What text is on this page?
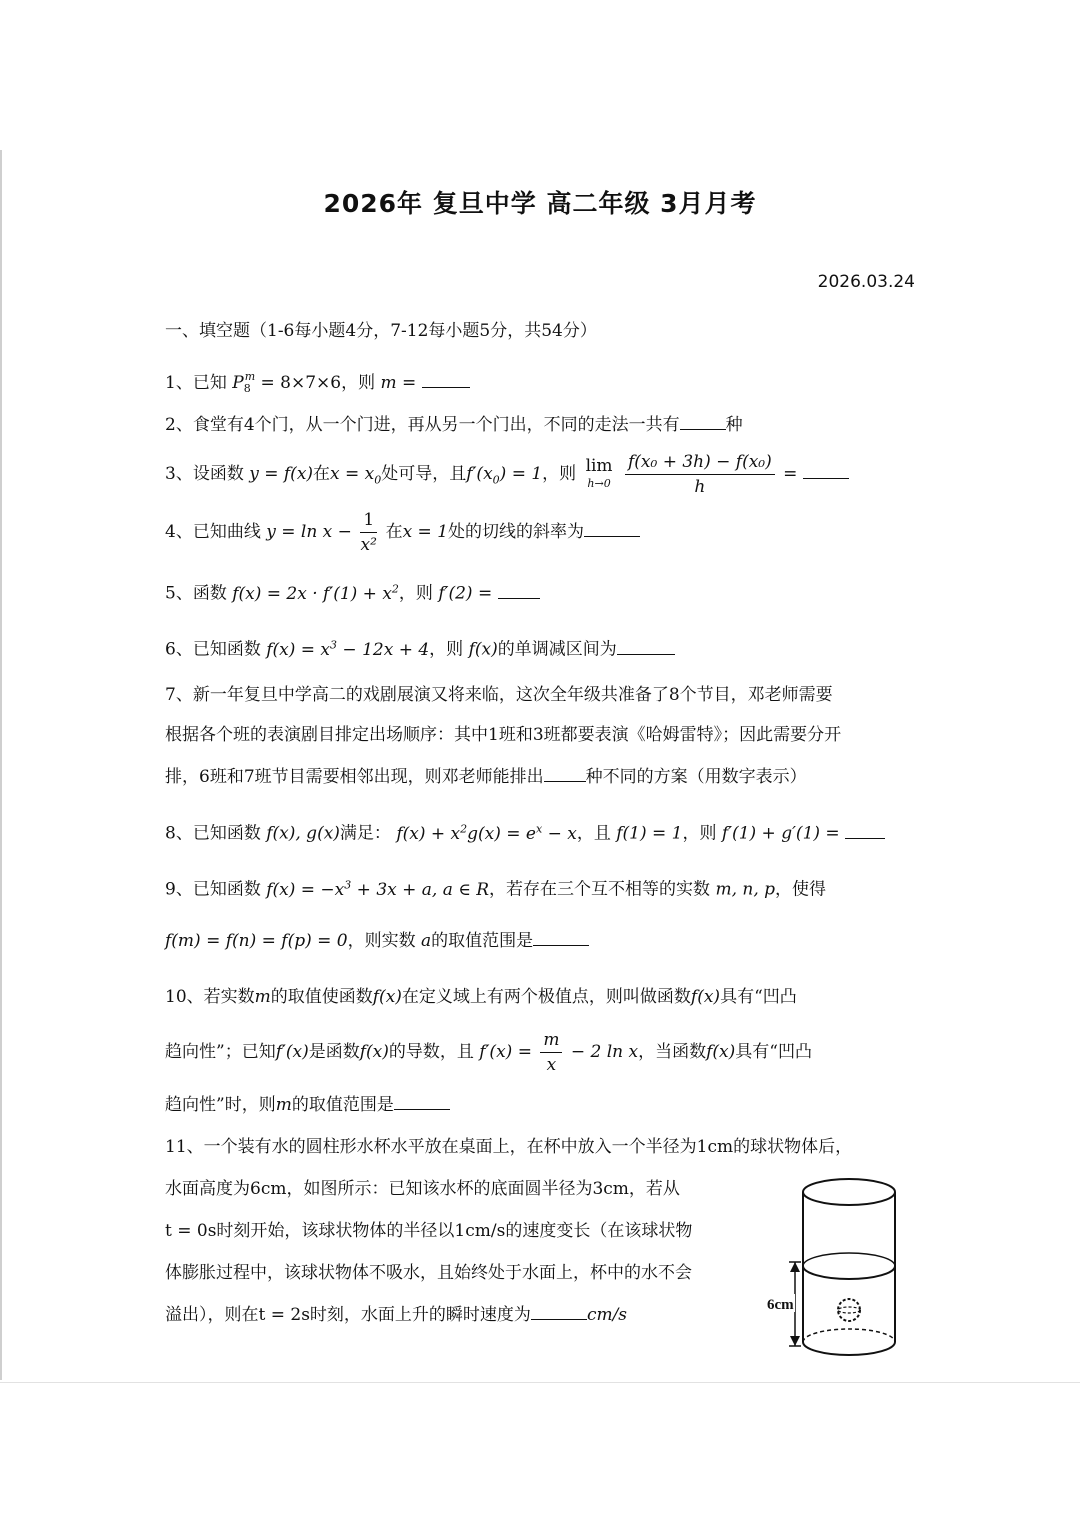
2026年 复旦中学 高二年级 3月月考
2026.03.24
一、填空题（1-6每小题4分，7-12每小题5分，共54分）
1、已知 $P_8^m = 8\times 7\times 6$，则 m =
2、食堂有4个门，从一个门进，再从另一个门出，不同的走法一共有	种
3、设函数 y = f(x)在$x = x_0$处可导，且$f'(x_0) = 1$，则 lim
h→0
$\frac{\text{f(x₀ + 3h) − f(x₀)}}{h}$ =
4、已知曲线 $y = \ln x - \frac{1}{\text{x²}}$ 在x = 1处的切线的斜率为
5、函数 $f(x) = 2x \cdot f'(1) + x^2$，则 f′(2) =
6、已知函数 $f(x) = x^3 - 12x + 4$，则 f(x)的单调减区间为
7、新一年复旦中学高二的戏剧展演又将来临，这次全年级共准备了8个节目，邓老师需要
根据各个班的表演剧目排定出场顺序：其中1班和3班都要表演《哈姆雷特》；因此需要分开
排，6班和7班节目需要相邻出现，则邓老师能排出 种不同的方案（用数字表示）
8、已知函数 f(x), g(x)满足： $f(x) + x^2g(x) = e^x - x$，且 f(1) = 1，则 f′(1) + g′(1) =
9、已知函数 $f(x) = -x^3 + 3x + a$, a ∈ R，若存在三个互不相等的实数 m, n, p，使得
f(m) = f(n) = f(p) = 0，则实数 a的取值范围是
10、若实数m的取值使函数f(x)在定义域上有两个极值点，则叫做函数f(x)具有“凹凸
趋向性”；已知f′(x)是函数f(x)的导数，且 $f'(x) = \frac{m}{x} - 2$ ln x，当函数f(x)具有“凹凸
趋向性”时，则m的取值范围是
11、一个装有水的圆柱形水杯水平放在桌面上，在杯中放入一个半径为1cm的球状物体后，
水面高度为6cm，如图所示：已知该水杯的底面圆半径为3cm，若从
t = 0s时刻开始，该球状物体的半径以1cm/s的速度变长（在该球状物
体膨胀过程中，该球状物体不吸水，且始终处于水面上，杯中的水不会
溢出），则在t = 2s时刻，水面上升的瞬时速度为	cm/s	6cm
